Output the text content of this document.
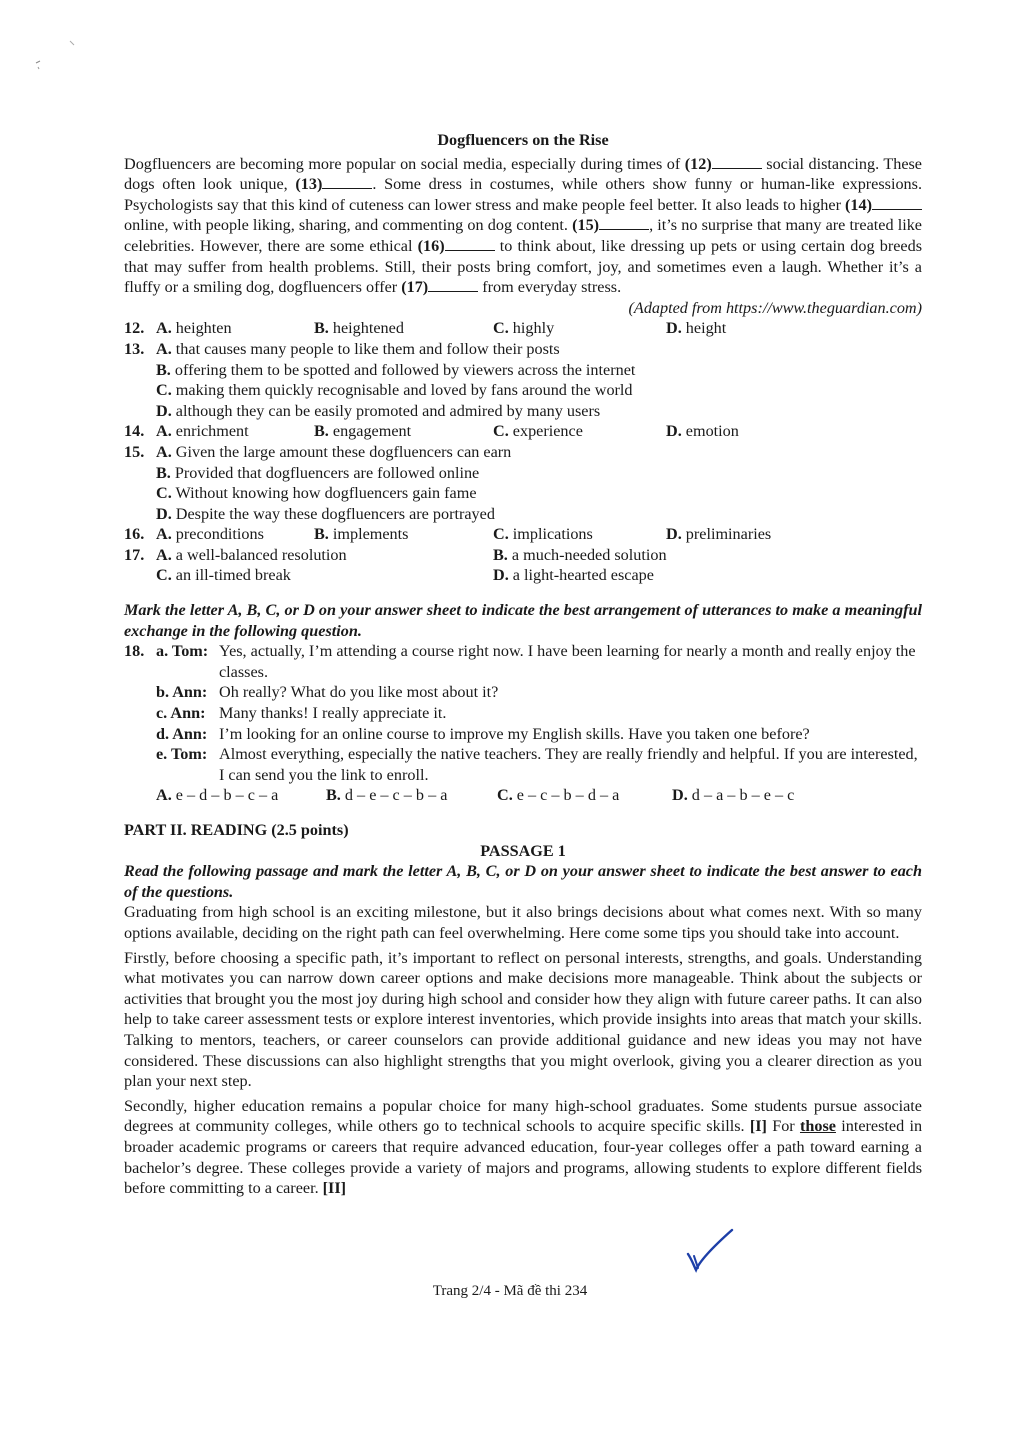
Dogfluencers on the Rise

Dogfluencers are becoming more popular on social media, especially during times of (12)	social distancing. These dogs often look unique, (13)	. Some dress in costumes, while others show funny or human-like expressions. Psychologists say that this kind of cuteness can lower stress and make people feel better. It also leads to higher (14) online, with people liking, sharing, and commenting on dog content. (15)	, it’s no surprise that many are treated like celebrities. However, there are some ethical (16)	to think about, like dressing up pets or using certain dog breeds that may suffer from health problems. Still, their posts bring comfort, joy, and sometimes even a laugh. Whether it’s a fluffy or a smiling dog, dogfluencers offer (17)	from everyday stress.

(Adapted from https://www.theguardian.com)
12. A. heighten	B. heightened	C. highly	D. height
13. A. that causes many people to like them and follow their posts
B. offering them to be spotted and followed by viewers across the internet
C. making them quickly recognisable and loved by fans around the world
D. although they can be easily promoted and admired by many users
14. A. enrichment	B. engagement	C. experience	D. emotion
15. A. Given the large amount these dogfluencers can earn
B. Provided that dogfluencers are followed online
C. Without knowing how dogfluencers gain fame
D. Despite the way these dogfluencers are portrayed
16. A. preconditions	B. implements	C. implications	D. preliminaries
17. A. a well-balanced resolution	B. a much-needed solution
C. an ill-timed break	D. a light-hearted escape

Mark the letter A, B, C, or D on your answer sheet to indicate the best arrangement of utterances to make a meaningful exchange in the following question.

18. a. Tom: Yes, actually, I’m attending a course right now. I have been learning for nearly a month and really enjoy the classes.
b. Ann: Oh really? What do you like most about it?
c. Ann: Many thanks! I really appreciate it.
d. Ann: I’m looking for an online course to improve my English skills. Have you taken one before?
e. Tom: Almost everything, especially the native teachers. They are really friendly and helpful. If you are interested, I can send you the link to enroll.
A. e – d – b – c – a	B. d – e – c – b – a	C. e – c – b – d – a	D. d – a – b – e – c
PART II. READING (2.5 points)
PASSAGE 1

Read the following passage and mark the letter A, B, C, or D on your answer sheet to indicate the best answer to each of the questions.

Graduating from high school is an exciting milestone, but it also brings decisions about what comes next. With so many options available, deciding on the right path can feel overwhelming. Here come some tips you should take into account.

Firstly, before choosing a specific path, it’s important to reflect on personal interests, strengths, and goals. Understanding what motivates you can narrow down career options and make decisions more manageable. Think about the subjects or activities that brought you the most joy during high school and consider how they align with future career paths. It can also help to take career assessment tests or explore interest inventories, which provide insights into areas that match your skills. Talking to mentors, teachers, or career counselors can provide additional guidance and new ideas you may not have considered. These discussions can also highlight strengths that you might overlook, giving you a clearer direction as you plan your next step.

Secondly, higher education remains a popular choice for many high-school graduates. Some students pursue associate degrees at community colleges, while others go to technical schools to acquire specific skills. [I] For those interested in broader academic programs or careers that require advanced education, four-year colleges offer a path toward earning a bachelor’s degree. These colleges provide a variety of majors and programs, allowing students to explore different fields before committing to a career. [II]

Trang 2/4 - Mã đề thi 234
